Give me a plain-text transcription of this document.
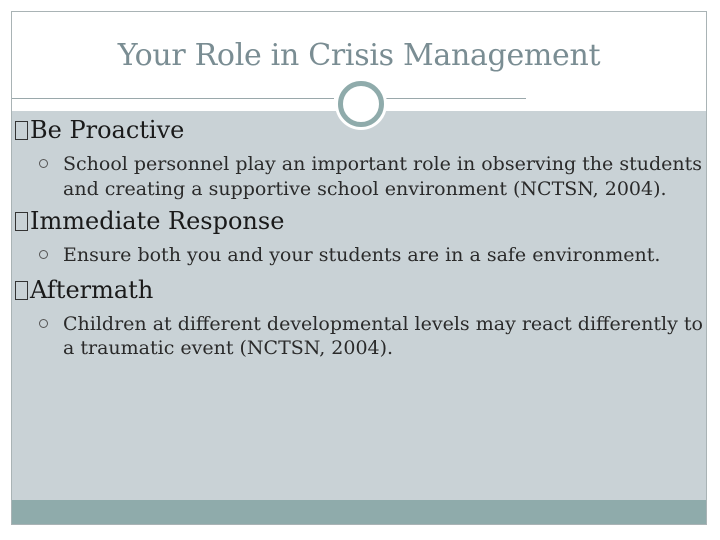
Your Role in Crisis Management

Be Proactive

School personnel play an important role in observing the students and creating a supportive school environment (NCTSN, 2004).

Immediate Response

Ensure both you and your students are in a safe environment.

Aftermath

Children at different developmental levels may react differently to a traumatic event (NCTSN, 2004).
